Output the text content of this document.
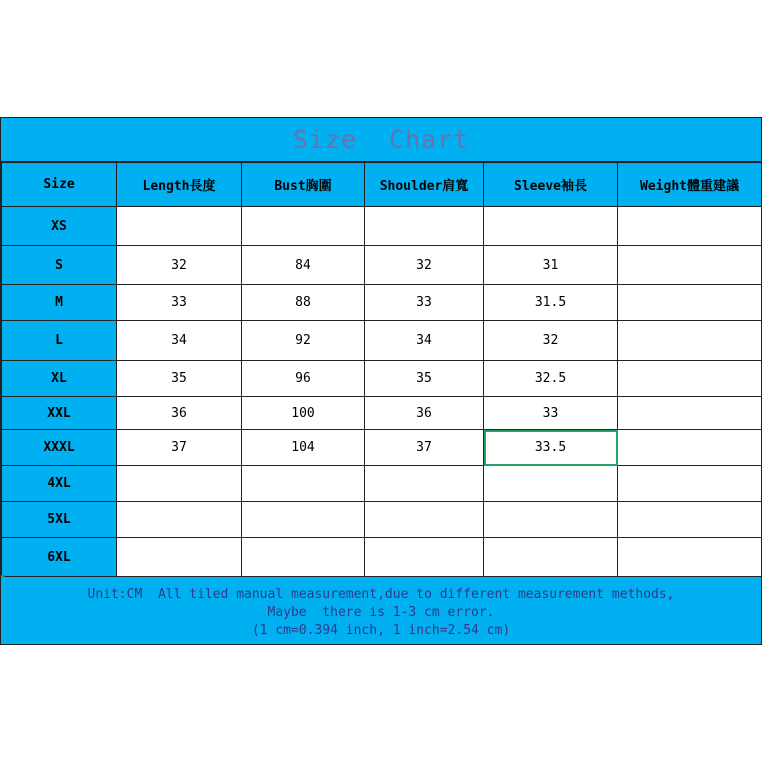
Size  Chart
Size	Length長度	Bust胸圍	Shoulder肩寬	Sleeve袖長	Weight體重建議
XS					
S	32	84	32	31	
M	33	88	33	31.5	
L	34	92	34	32	
XL	35	96	35	32.5	
XXL	36	100	36	33	
XXXL	37	104	37	33.5	
4XL					
5XL					
6XL					
Unit:CM  All tiled manual measurement,due to different measurement methods,
Maybe  there is 1-3 cm error.
(1 cm=0.394 inch, 1 inch=2.54 cm)
